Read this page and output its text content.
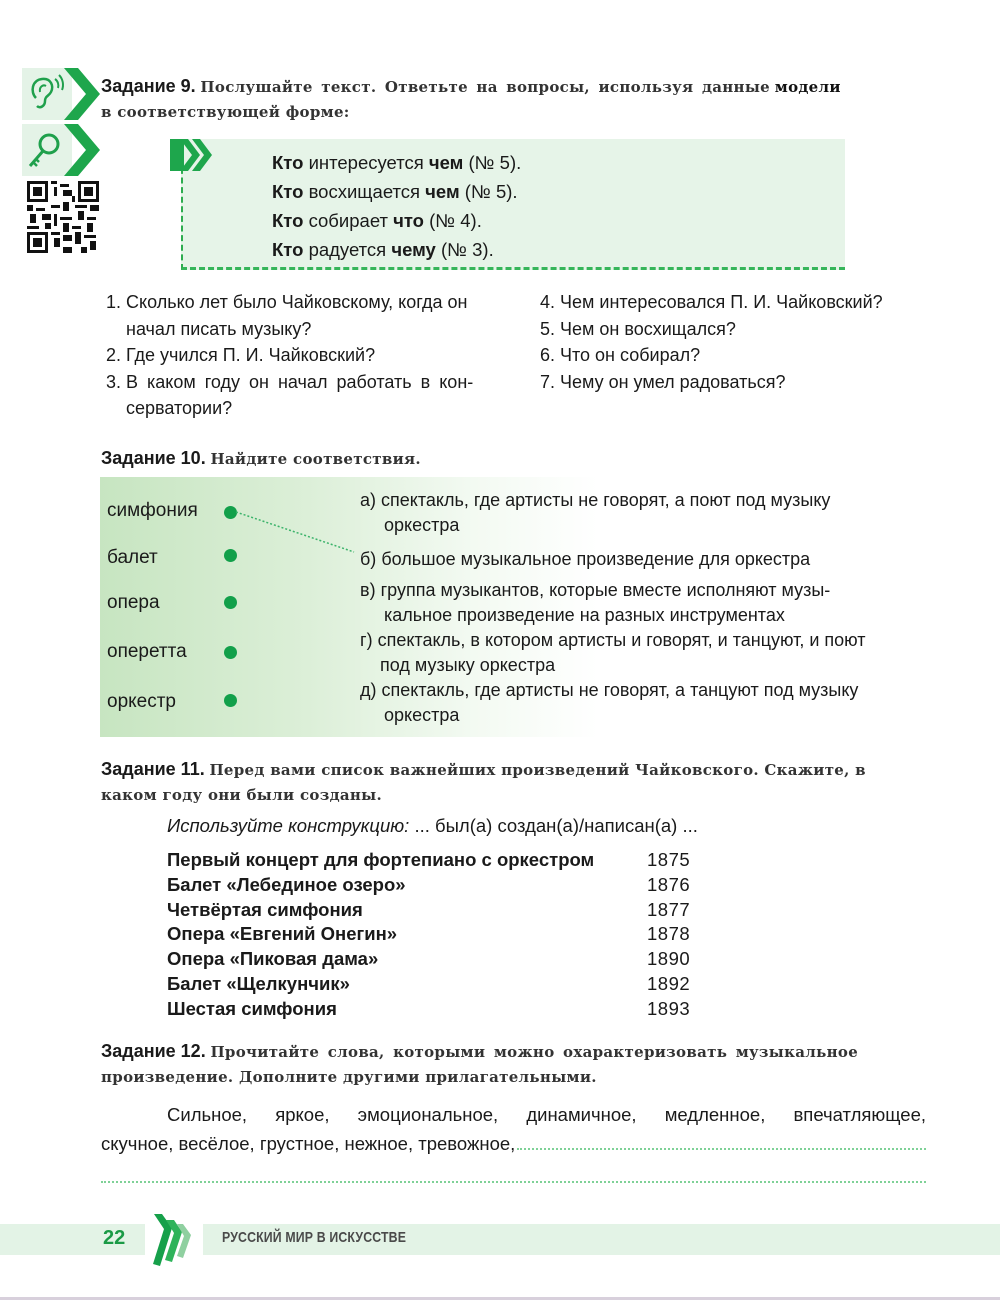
Задание 9. Послушайте текст. Ответьте на вопросы, используя данные модели
в соответствующей форме:
Кто интересуется чем (№ 5).
Кто восхищается чем (№ 5).
Кто собирает что (№ 4).
Кто радуется чему (№ 3).
1. Сколько лет было Чайковскому, когда он
начал писать музыку?
2. Где учился П. И. Чайковский?
3. В каком году он начал работать в кон-
серватории?
4. Чем интересовался П. И. Чайковский?
5. Чем он восхищался?
6. Что он собирал?
7. Чему он умел радоваться?
Задание 10. Найдите соответствия.
симфония
балет
опера
оперетта
оркестр
а) спектакль, где артисты не говорят, а поют под музыку
оркестра
б) большое музыкальное произведение для оркестра
в) группа музыкантов, которые вместе исполняют музы-
кальное произведение на разных инструментах
г) спектакль, в котором артисты и говорят, и танцуют, и поют
под музыку оркестра
д) спектакль, где артисты не говорят, а танцуют под музыку
оркестра
Задание 11. Перед вами список важнейших произведений Чайковского. Скажите, в
каком году они были созданы.
Используйте конструкцию: ... был(а) создан(а)/написан(а) ...
Первый концерт для фортепиано с оркестром	1875
Балет «Лебединое озеро»	1876
Четвёртая симфония	1877
Опера «Евгений Онегин»	1878
Опера «Пиковая дама»	1890
Балет «Щелкунчик»	1892
Шестая симфония	1893
Задание 12. Прочитайте слова, которыми можно охарактеризовать музыкальное
произведение. Дополните другими прилагательными.
Сильное, яркое, эмоциональное, динамичное, медленное, впечатляющее,
скучное, весёлое, грустное, нежное, тревожное,
22	РУССКИЙ МИР В ИСКУССТВЕ
